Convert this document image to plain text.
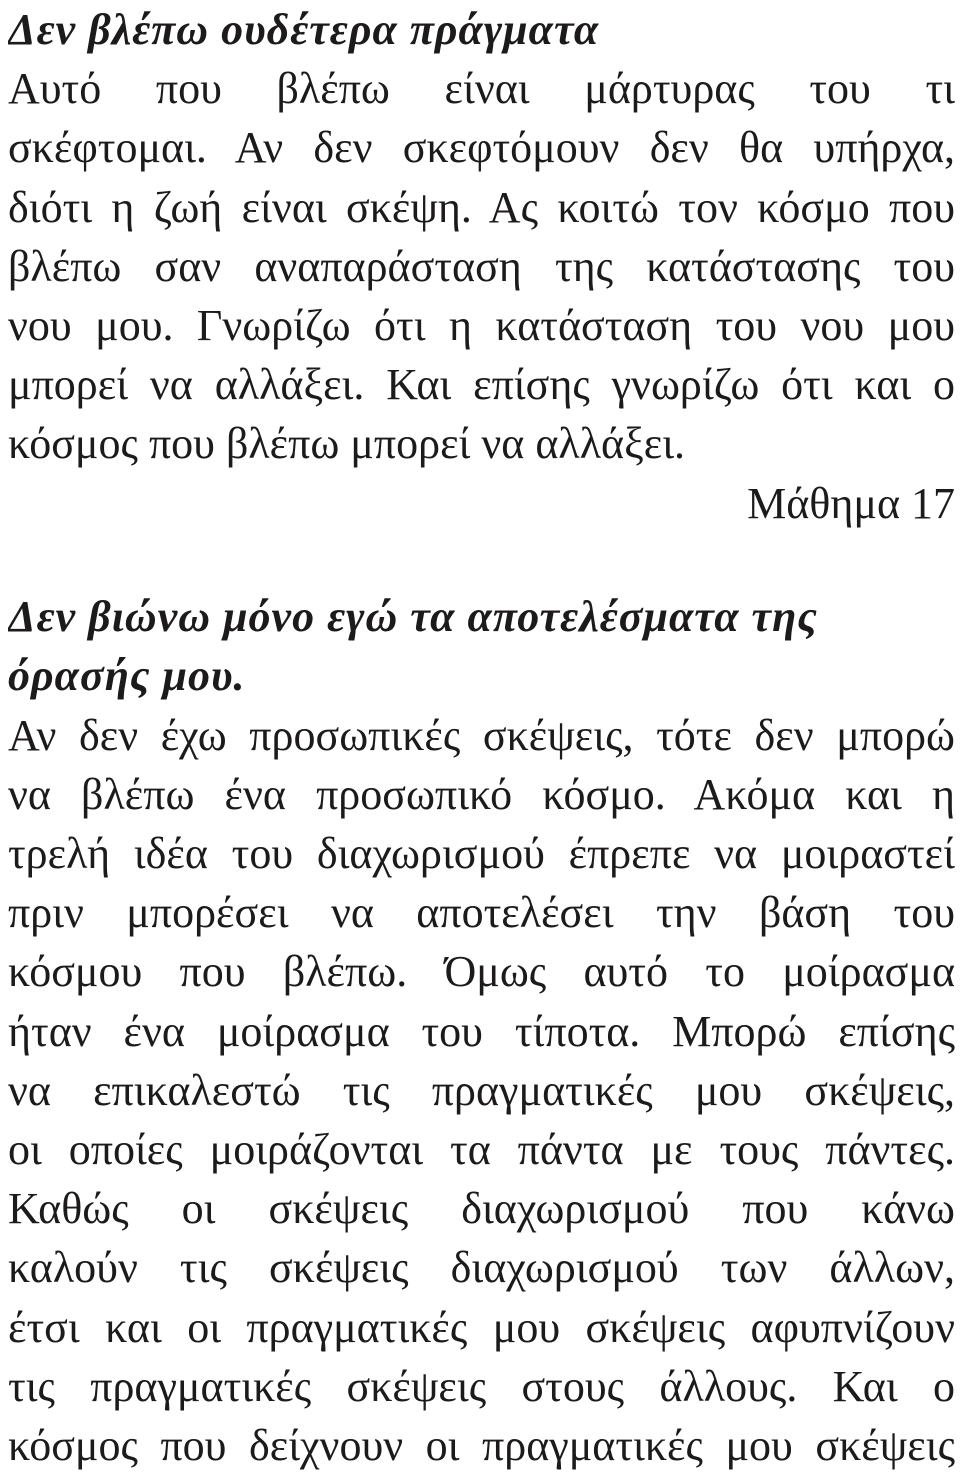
Δεν βλέπω ουδέτερα πράγματα
Αυτό που βλέπω είναι μάρτυρας του τι
σκέφτομαι. Αν δεν σκεφτόμουν δεν θα υπήρχα,
διότι η ζωή είναι σκέψη. Ας κοιτώ τον κόσμο που
βλέπω σαν αναπαράσταση της κατάστασης του
νου μου. Γνωρίζω ότι η κατάσταση του νου μου
μπορεί να αλλάξει. Και επίσης γνωρίζω ότι και ο
κόσμος που βλέπω μπορεί να αλλάξει.
Μάθημα 17
Δεν βιώνω μόνο εγώ τα αποτελέσματα της
όρασής μου.
Αν δεν έχω προσωπικές σκέψεις, τότε δεν μπορώ
να βλέπω ένα προσωπικό κόσμο. Ακόμα και η
τρελή ιδέα του διαχωρισμού έπρεπε να μοιραστεί
πριν μπορέσει να αποτελέσει την βάση του
κόσμου που βλέπω. Όμως αυτό το μοίρασμα
ήταν ένα μοίρασμα του τίποτα. Μπορώ επίσης
να επικαλεστώ τις πραγματικές μου σκέψεις,
οι οποίες μοιράζονται τα πάντα με τους πάντες.
Καθώς οι σκέψεις διαχωρισμού που κάνω
καλούν τις σκέψεις διαχωρισμού των άλλων,
έτσι και οι πραγματικές μου σκέψεις αφυπνίζουν
τις πραγματικές σκέψεις στους άλλους. Και ο
κόσμος που δείχνουν οι πραγματικές μου σκέψεις
